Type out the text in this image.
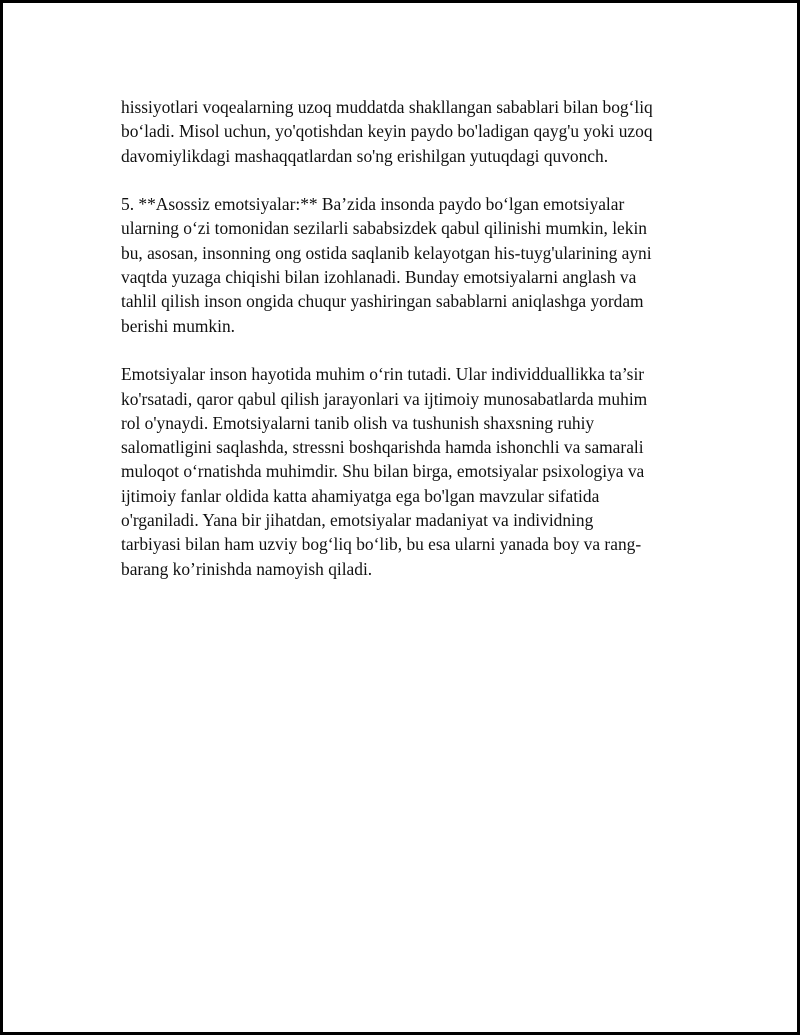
hissiyotlari voqealarning uzoq muddatda shakllangan sabablari bilan bog‘liq
bo‘ladi. Misol uchun, yo'qotishdan keyin paydo bo'ladigan qayg'u yoki uzoq
davomiylikdagi mashaqqatlardan so'ng erishilgan yutuqdagi quvonch.

5. **Asossiz emotsiyalar:** Ba’zida insonda paydo bo‘lgan emotsiyalar
ularning o‘zi tomonidan sezilarli sababsizdek qabul qilinishi mumkin, lekin
bu, asosan, insonning ong ostida saqlanib kelayotgan his-tuyg'ularining ayni
vaqtda yuzaga chiqishi bilan izohlanadi. Bunday emotsiyalarni anglash va
tahlil qilish inson ongida chuqur yashiringan sabablarni aniqlashga yordam
berishi mumkin.

Emotsiyalar inson hayotida muhim o‘rin tutadi. Ular individduallikka ta’sir
ko'rsatadi, qaror qabul qilish jarayonlari va ijtimoiy munosabatlarda muhim
rol o'ynaydi. Emotsiyalarni tanib olish va tushunish shaxsning ruhiy
salomatligini saqlashda, stressni boshqarishda hamda ishonchli va samarali
muloqot o‘rnatishda muhimdir. Shu bilan birga, emotsiyalar psixologiya va
ijtimoiy fanlar oldida katta ahamiyatga ega bo'lgan mavzular sifatida
o'rganiladi. Yana bir jihatdan, emotsiyalar madaniyat va individning
tarbiyasi bilan ham uzviy bog‘liq bo‘lib, bu esa ularni yanada boy va rang-
barang ko’rinishda namoyish qiladi.
